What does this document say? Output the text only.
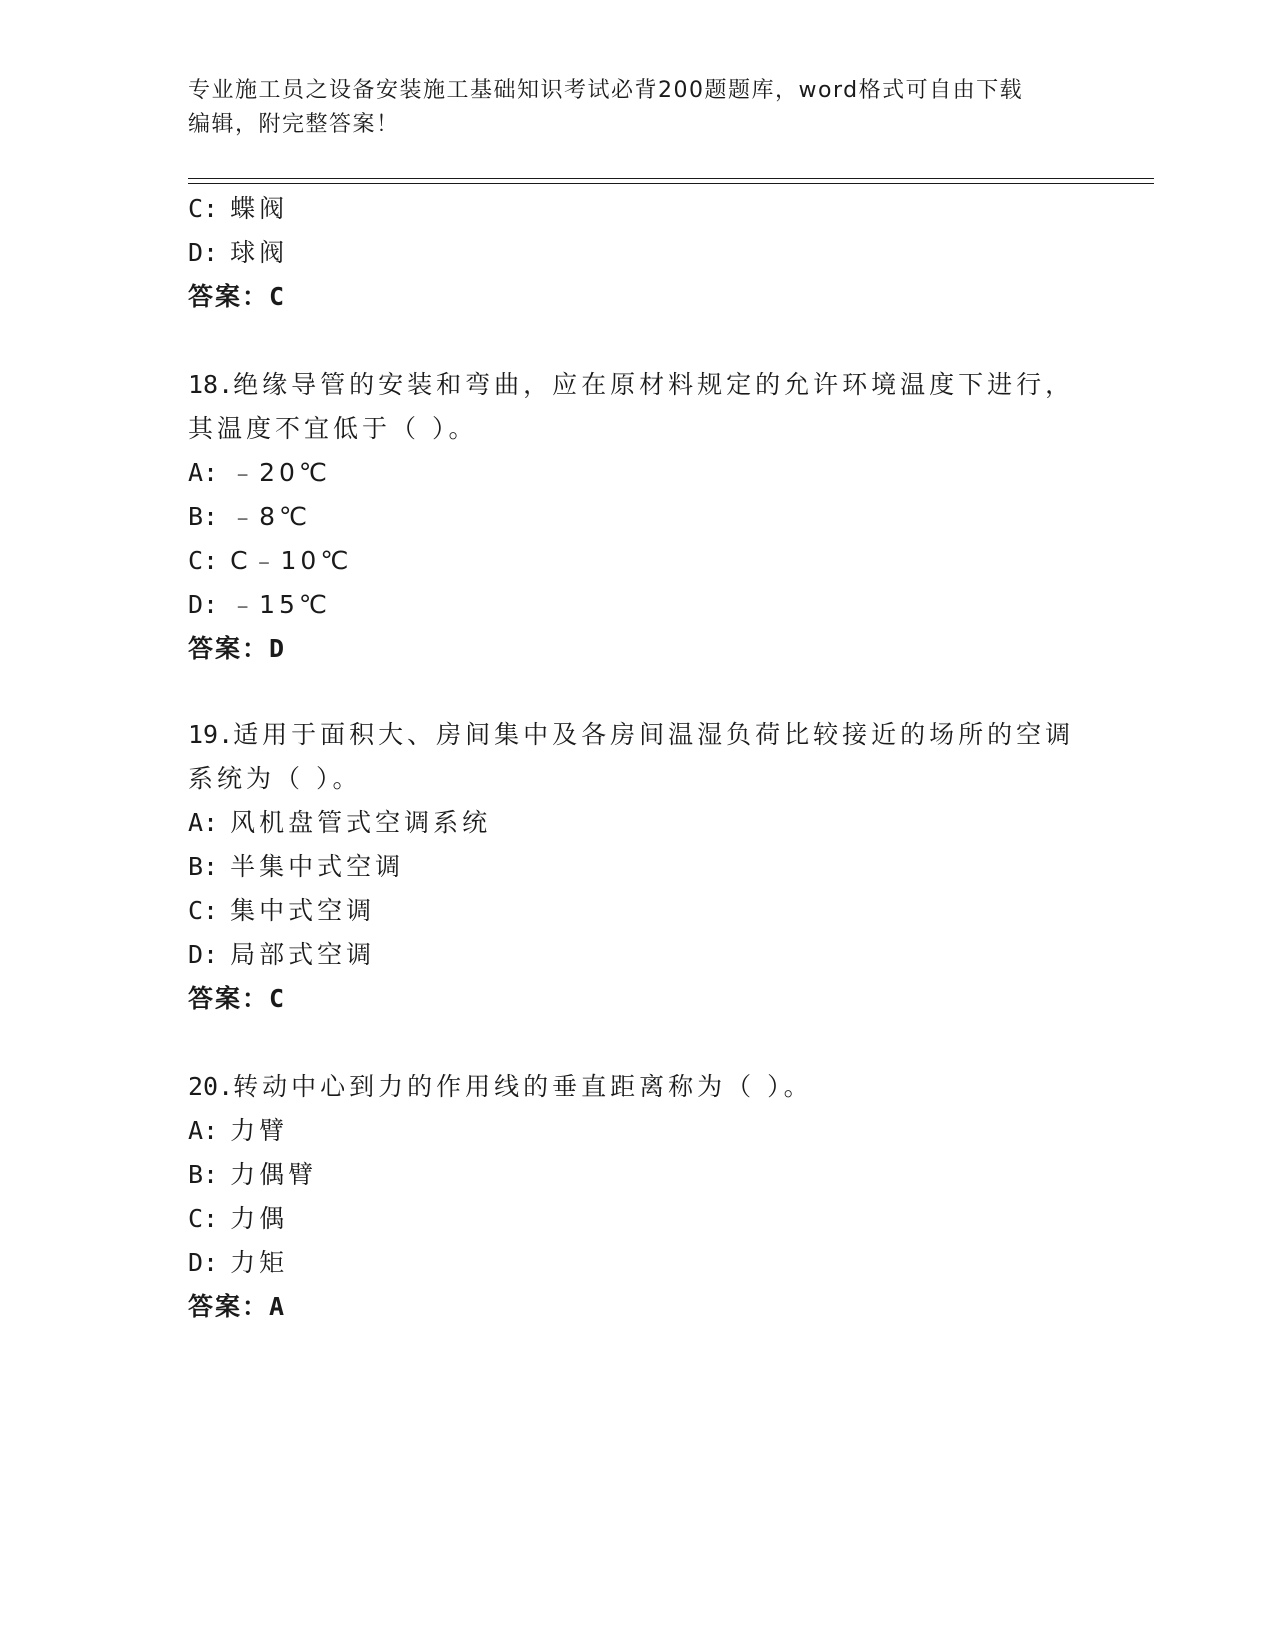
专业施工员之设备安装施工基础知识考试必背200题题库，word格式可自由下载
编辑，附完整答案！
C: 蝶阀
D: 球阀
答案：C
18.绝缘导管的安装和弯曲，应在原材料规定的允许环境温度下进行，
其温度不宜低于（ ）。
A: ﹣20℃
B: ﹣8℃
C: C﹣10℃
D: ﹣15℃
答案：D
19.适用于面积大、房间集中及各房间温湿负荷比较接近的场所的空调
系统为（ ）。
A: 风机盘管式空调系统
B: 半集中式空调
C: 集中式空调
D: 局部式空调
答案：C
20.转动中心到力的作用线的垂直距离称为（ ）。
A: 力臂
B: 力偶臂
C: 力偶
D: 力矩
答案：A
